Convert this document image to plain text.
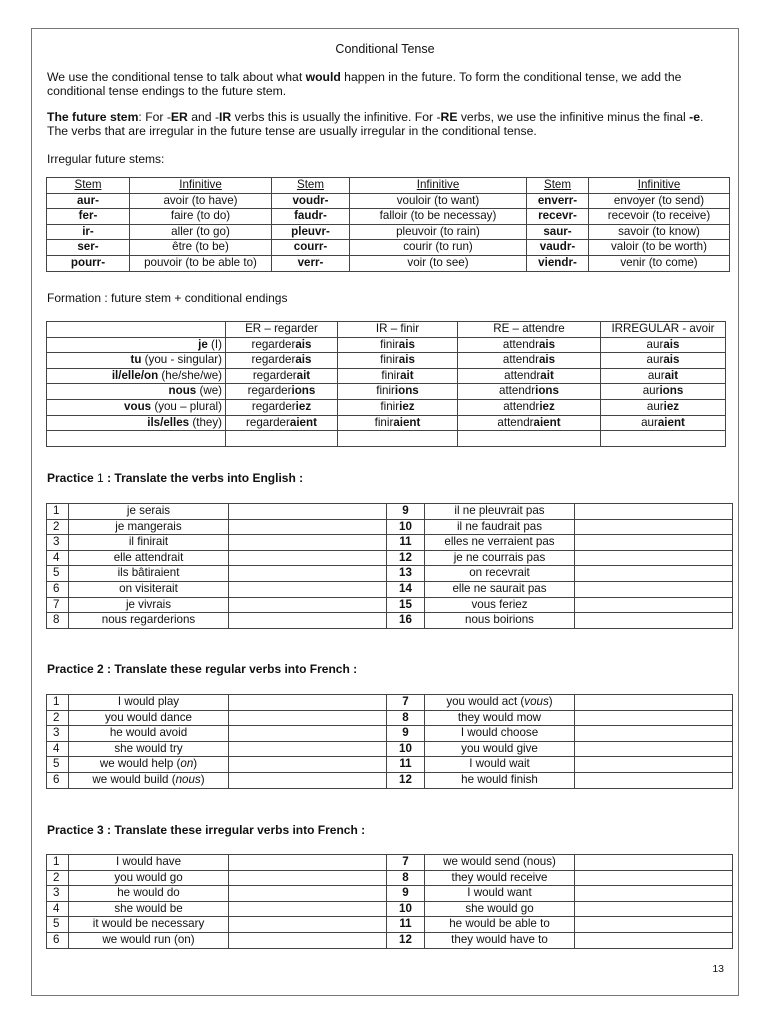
Conditional Tense

We use the conditional tense to talk about what would happen in the future. To form the conditional tense, we add the conditional tense endings to the future stem.

The future stem: For -ER and -IR verbs this is usually the infinitive. For -RE verbs, we use the infinitive minus the final -e. The verbs that are irregular in the future tense are usually irregular in the conditional tense.

Irregular future stems:

Stem	Infinitive	Stem	Infinitive	Stem	Infinitive
aur-	avoir (to have)	voudr-	vouloir (to want)	enverr-	envoyer (to send)
fer-	faire (to do)	faudr-	falloir (to be necessay)	recevr-	recevoir (to receive)
ir-	aller (to go)	pleuvr-	pleuvoir (to rain)	saur-	savoir (to know)
ser-	être (to be)	courr-	courir (to run)	vaudr-	valoir (to be worth)
pourr-	pouvoir (to be able to)	verr-	voir (to see)	viendr-	venir (to come)

Formation : future stem + conditional endings

	ER – regarder	IR – finir	RE – attendre	IRREGULAR - avoir
je (I)	regarderais	finirais	attendrais	aurais
tu (you - singular)	regarderais	finirais	attendrais	aurais
il/elle/on (he/she/we)	regarderait	finirait	attendrait	aurait
nous (we)	regarderions	finirions	attendrions	aurions
vous (you – plural)	regarderiez	finiriez	attendriez	auriez
ils/elles (they)	regarderaient	finiraient	attendraient	auraient

Practice 1 : Translate the verbs into English :

1	je serais		9	il ne pleuvrait pas	
2	je mangerais		10	il ne faudrait pas	
3	il finirait		11	elles ne verraient pas	
4	elle attendrait		12	je ne courrais pas	
5	ils bâtiraient		13	on recevrait	
6	on visiterait		14	elle ne saurait pas	
7	je vivrais		15	vous feriez	
8	nous regarderions		16	nous boirions	

Practice 2 : Translate these regular verbs into French :

1	I would play		7	you would act (vous)	
2	you would dance		8	they would mow	
3	he would avoid		9	I would choose	
4	she would try		10	you would give	
5	we would help (on)		11	I would wait	
6	we would build (nous)		12	he would finish	

Practice 3 : Translate these irregular verbs into French :

1	I would have		7	we would send (nous)	
2	you would go		8	they would receive	
3	he would do		9	I would want	
4	she would be		10	she would go	
5	it would be necessary		11	he would be able to	
6	we would run (on)		12	they would have to	
13
